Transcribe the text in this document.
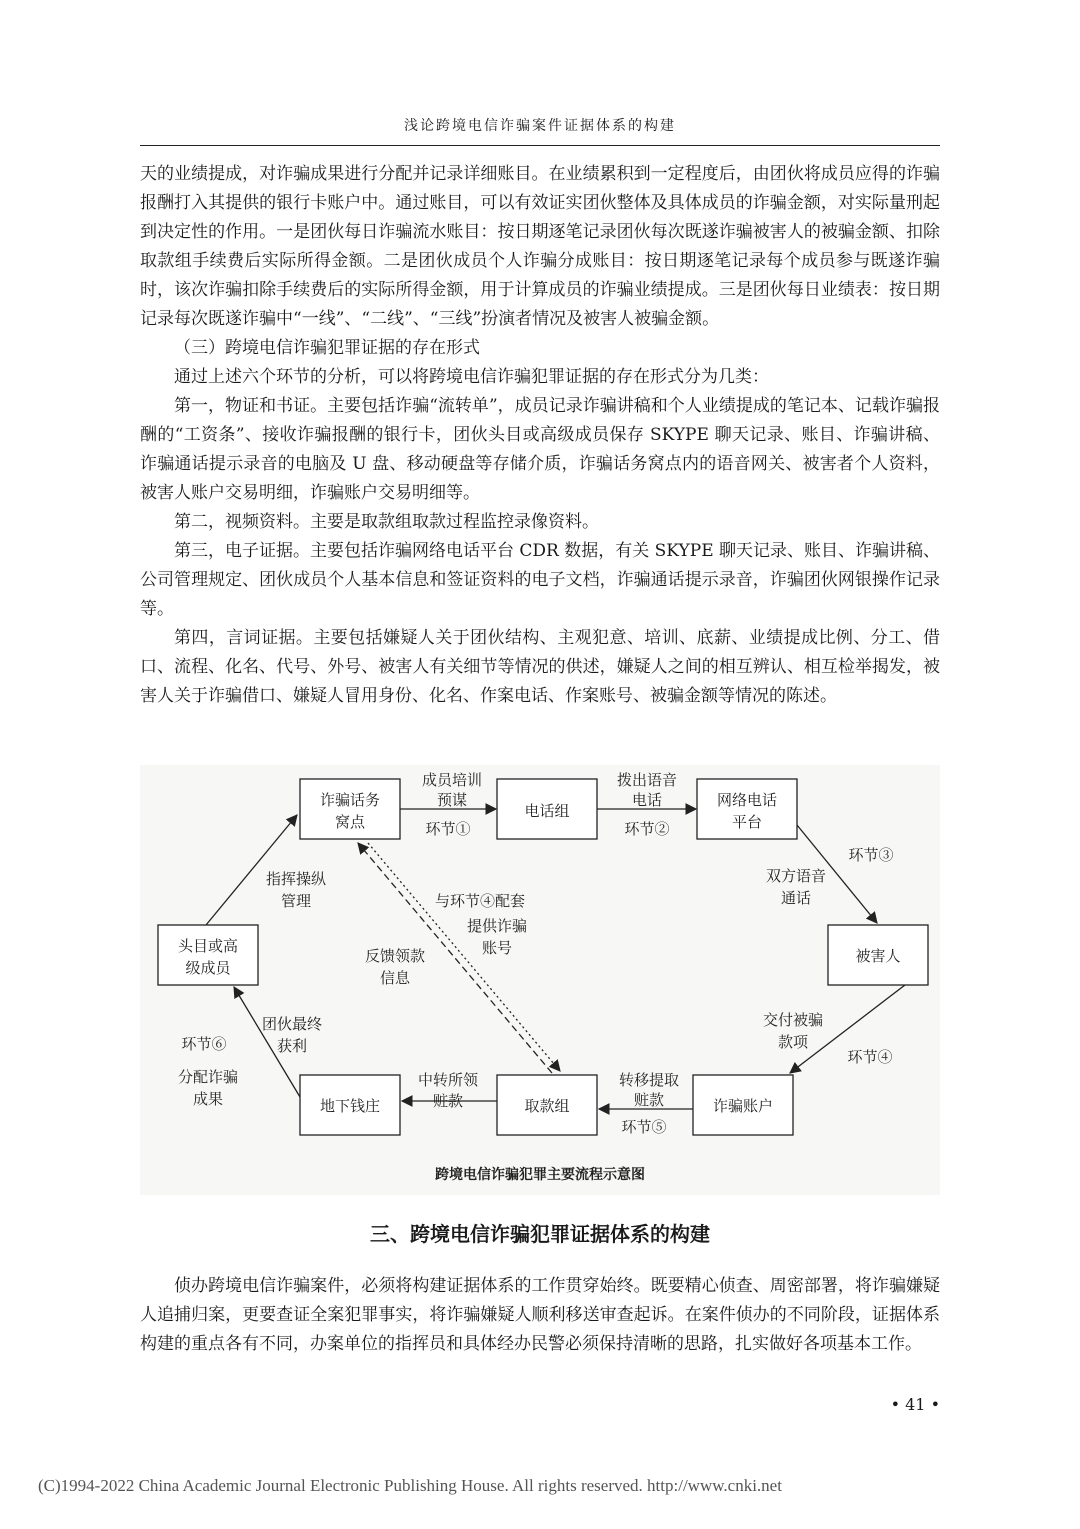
浅论跨境电信诈骗案件证据体系的构建

天的业绩提成，对诈骗成果进行分配并记录详细账目。在业绩累积到一定程度后，由团伙将成员应得的诈骗报酬打入其提供的银行卡账户中。通过账目，可以有效证实团伙整体及具体成员的诈骗金额，对实际量刑起到决定性的作用。一是团伙每日诈骗流水账目：按日期逐笔记录团伙每次既遂诈骗被害人的被骗金额、扣除取款组手续费后实际所得金额。二是团伙成员个人诈骗分成账目：按日期逐笔记录每个成员参与既遂诈骗时，该次诈骗扣除手续费后的实际所得金额，用于计算成员的诈骗业绩提成。三是团伙每日业绩表：按日期记录每次既遂诈骗中“一线”、“二线”、“三线”扮演者情况及被害人被骗金额。

（三）跨境电信诈骗犯罪证据的存在形式

通过上述六个环节的分析，可以将跨境电信诈骗犯罪证据的存在形式分为几类：

第一，物证和书证。主要包括诈骗“流转单”，成员记录诈骗讲稿和个人业绩提成的笔记本、记载诈骗报酬的“工资条”、接收诈骗报酬的银行卡，团伙头目或高级成员保存 SKYPE 聊天记录、账目、诈骗讲稿、诈骗通话提示录音的电脑及 U 盘、移动硬盘等存储介质，诈骗话务窝点内的语音网关、被害者个人资料，被害人账户交易明细，诈骗账户交易明细等。

第二，视频资料。主要是取款组取款过程监控录像资料。

第三，电子证据。主要包括诈骗网络电话平台 CDR 数据，有关 SKYPE 聊天记录、账目、诈骗讲稿、公司管理规定、团伙成员个人基本信息和签证资料的电子文档，诈骗通话提示录音，诈骗团伙网银操作记录等。

第四，言词证据。主要包括嫌疑人关于团伙结构、主观犯意、培训、底薪、业绩提成比例、分工、借口、流程、化名、代号、外号、被害人有关细节等情况的供述，嫌疑人之间的相互辨认、相互检举揭发，被害人关于诈骗借口、嫌疑人冒用身份、化名、作案电话、作案账号、被骗金额等情况的陈述。

诈骗话务
窝点
电话组
网络电话
平台
被害人
诈骗账户
取款组
地下钱庄
头目或高
级成员
成员培训
预谋
环节①
拨出语音
电话
环节②
环节③
双方语音
通话
交付被骗
款项
环节④
转移提取
赃款
环节⑤
中转所领
赃款
团伙最终
获利
环节⑥
分配诈骗
成果
指挥操纵
管理
反馈领款
信息
与环节④配套
提供诈骗
账号
跨境电信诈骗犯罪主要流程示意图
三、跨境电信诈骗犯罪证据体系的构建

侦办跨境电信诈骗案件，必须将构建证据体系的工作贯穿始终。既要精心侦查、周密部署，将诈骗嫌疑人追捕归案，更要查证全案犯罪事实，将诈骗嫌疑人顺利移送审查起诉。在案件侦办的不同阶段，证据体系构建的重点各有不同，办案单位的指挥员和具体经办民警必须保持清晰的思路，扎实做好各项基本工作。

• 41 •
(C)1994-2022 China Academic Journal Electronic Publishing House. All rights reserved. http://www.cnki.net
